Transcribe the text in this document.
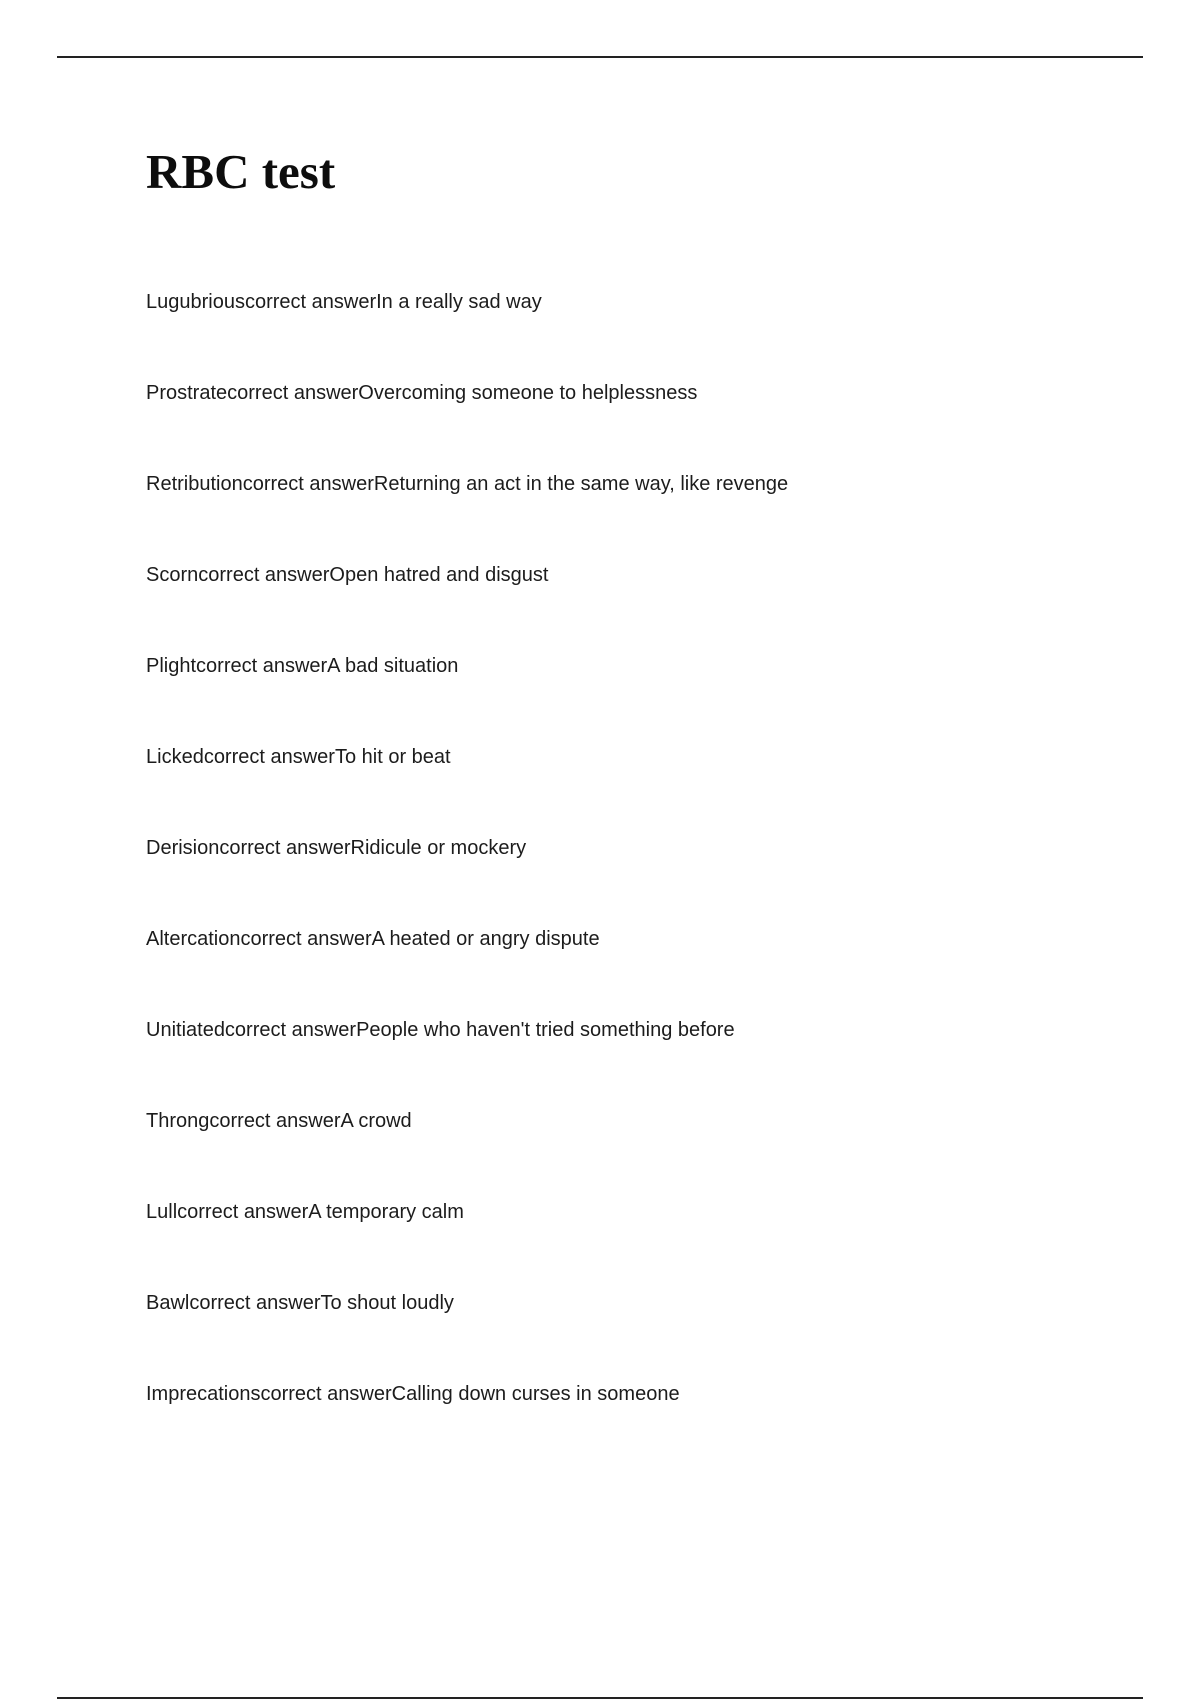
RBC test
Lugubriouscorrect answerIn a really sad way
Prostratecorrect answerOvercoming someone to helplessness
Retributioncorrect answerReturning an act in the same way, like revenge
Scorncorrect answerOpen hatred and disgust
Plightcorrect answerA bad situation
Lickedcorrect answerTo hit or beat
Derisioncorrect answerRidicule or mockery
Altercationcorrect answerA heated or angry dispute
Unitiatedcorrect answerPeople who haven't tried something before
Throngcorrect answerA crowd
Lullcorrect answerA temporary calm
Bawlcorrect answerTo shout loudly
Imprecationscorrect answerCalling down curses in someone
